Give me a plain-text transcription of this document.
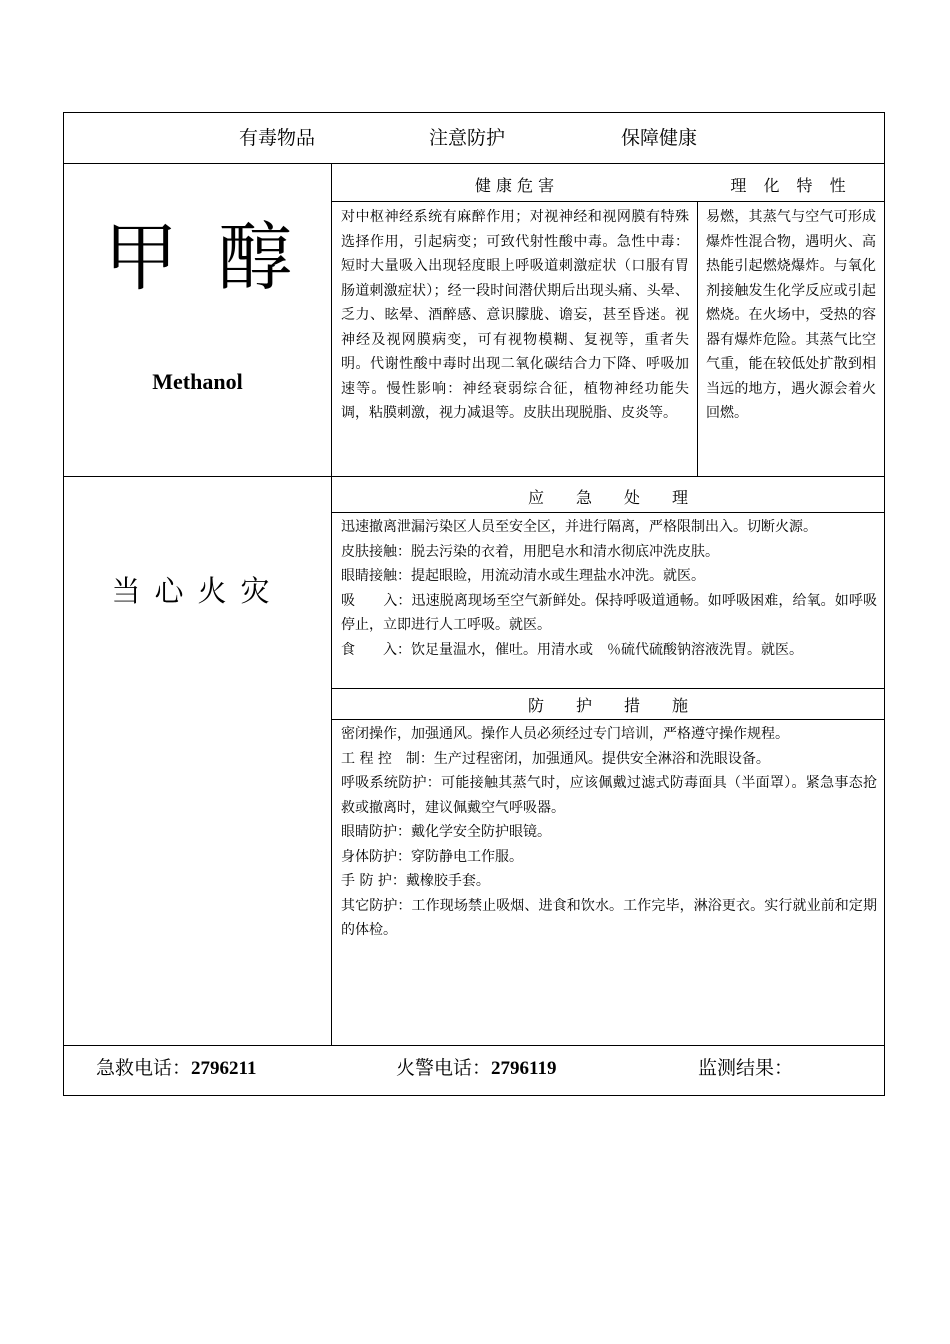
有毒物品	注意防护	保障健康
甲 醇
Methanol
健 康 危 害	理 化 特 性
对中枢神经系统有麻醉作用；对视神经和视网膜有特殊选择作用，引起病变；可致代射性酸中毒。急性中毒：短时大量吸入出现轻度眼上呼吸道刺激症状（口服有胃肠道刺激症状）；经一段时间潜伏期后出现头痛、头晕、乏力、眩晕、酒醉感、意识朦胧、谵妄，甚至昏迷。视神经及视网膜病变，可有视物模糊、复视等，重者失明。代谢性酸中毒时出现二氧化碳结合力下降、呼吸加速等。慢性影响：神经衰弱综合征，植物神经功能失调，粘膜刺激，视力减退等。皮肤出现脱脂、皮炎等。
易燃，其蒸气与空气可形成爆炸性混合物，遇明火、高热能引起燃烧爆炸。与氧化剂接触发生化学反应或引起燃烧。在火场中，受热的容器有爆炸危险。其蒸气比空气重，能在较低处扩散到相当远的地方，遇火源会着火回燃。
当心火灾
应　　急　　处　　理

迅速撤离泄漏污染区人员至安全区，并进行隔离，严格限制出入。切断火源。

皮肤接触：脱去污染的衣着，用肥皂水和清水彻底冲洗皮肤。

眼睛接触：提起眼睑，用流动清水或生理盐水冲洗。就医。

吸　　入：迅速脱离现场至空气新鲜处。保持呼吸道通畅。如呼吸困难，给氧。如呼吸停止，立即进行人工呼吸。就医。

食　　入：饮足量温水，催吐。用清水或　％硫代硫酸钠溶液洗胃。就医。

防　　护　　措　　施

密闭操作，加强通风。操作人员必须经过专门培训，严格遵守操作规程。

工 程 控　制：生产过程密闭，加强通风。提供安全淋浴和洗眼设备。

呼吸系统防护：可能接触其蒸气时，应该佩戴过滤式防毒面具（半面罩）。紧急事态抢救或撤离时，建议佩戴空气呼吸器。

眼睛防护：戴化学安全防护眼镜。

身体防护：穿防静电工作服。

手 防 护：戴橡胶手套。

其它防护：工作现场禁止吸烟、进食和饮水。工作完毕，淋浴更衣。实行就业前和定期的体检。

急救电话：2796211	火警电话：2796119	监测结果：
